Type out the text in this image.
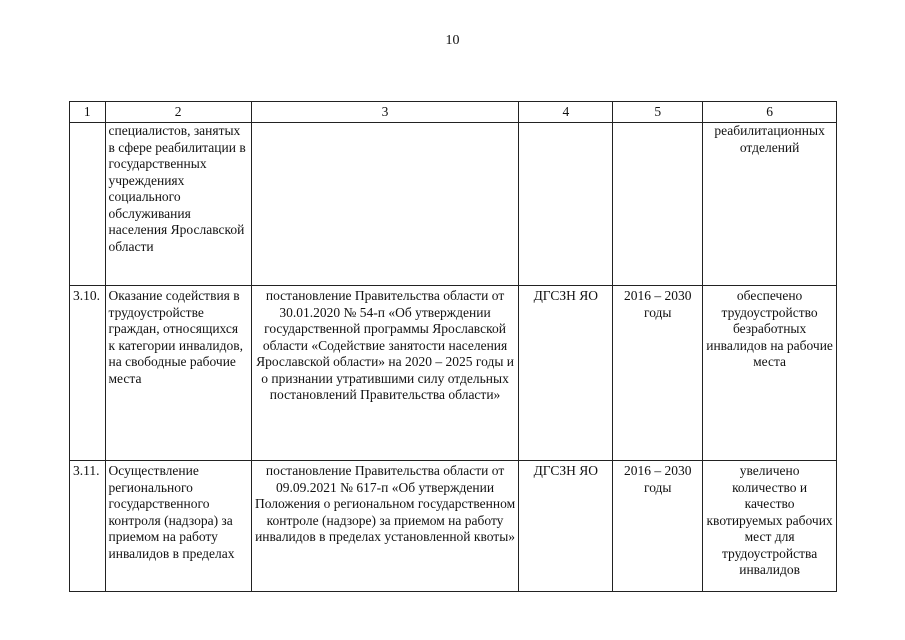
10
1	2	3	4	5	6
	специалистов, занятых в сфере реабилитации в государственных учреждениях социального обслуживания населения Ярославской области				реабилитационных отделений
3.10.	Оказание содействия в трудоустройстве граждан, относящихся к категории инвалидов, на свободные рабочие места	постановление Правительства области от 30.01.2020 № 54-п «Об утверждении государственной программы Ярославской области «Содействие занятости населения Ярославской области» на 2020 – 2025 годы и о признании утратившими силу отдельных постановлений Правительства области»	ДГСЗН ЯО	2016 – 2030 годы	обеспечено трудоустройство безработных инвалидов на рабочие места
3.11.	Осуществление регионального государственного контроля (надзора) за приемом на работу инвалидов в пределах	постановление Правительства области от 09.09.2021 № 617-п «Об утверждении Положения о региональном государственном контроле (надзоре) за приемом на работу инвалидов в пределах установленной квоты»	ДГСЗН ЯО	2016 – 2030 годы	увеличено количество и качество квотируемых рабочих мест для трудоустройства инвалидов
